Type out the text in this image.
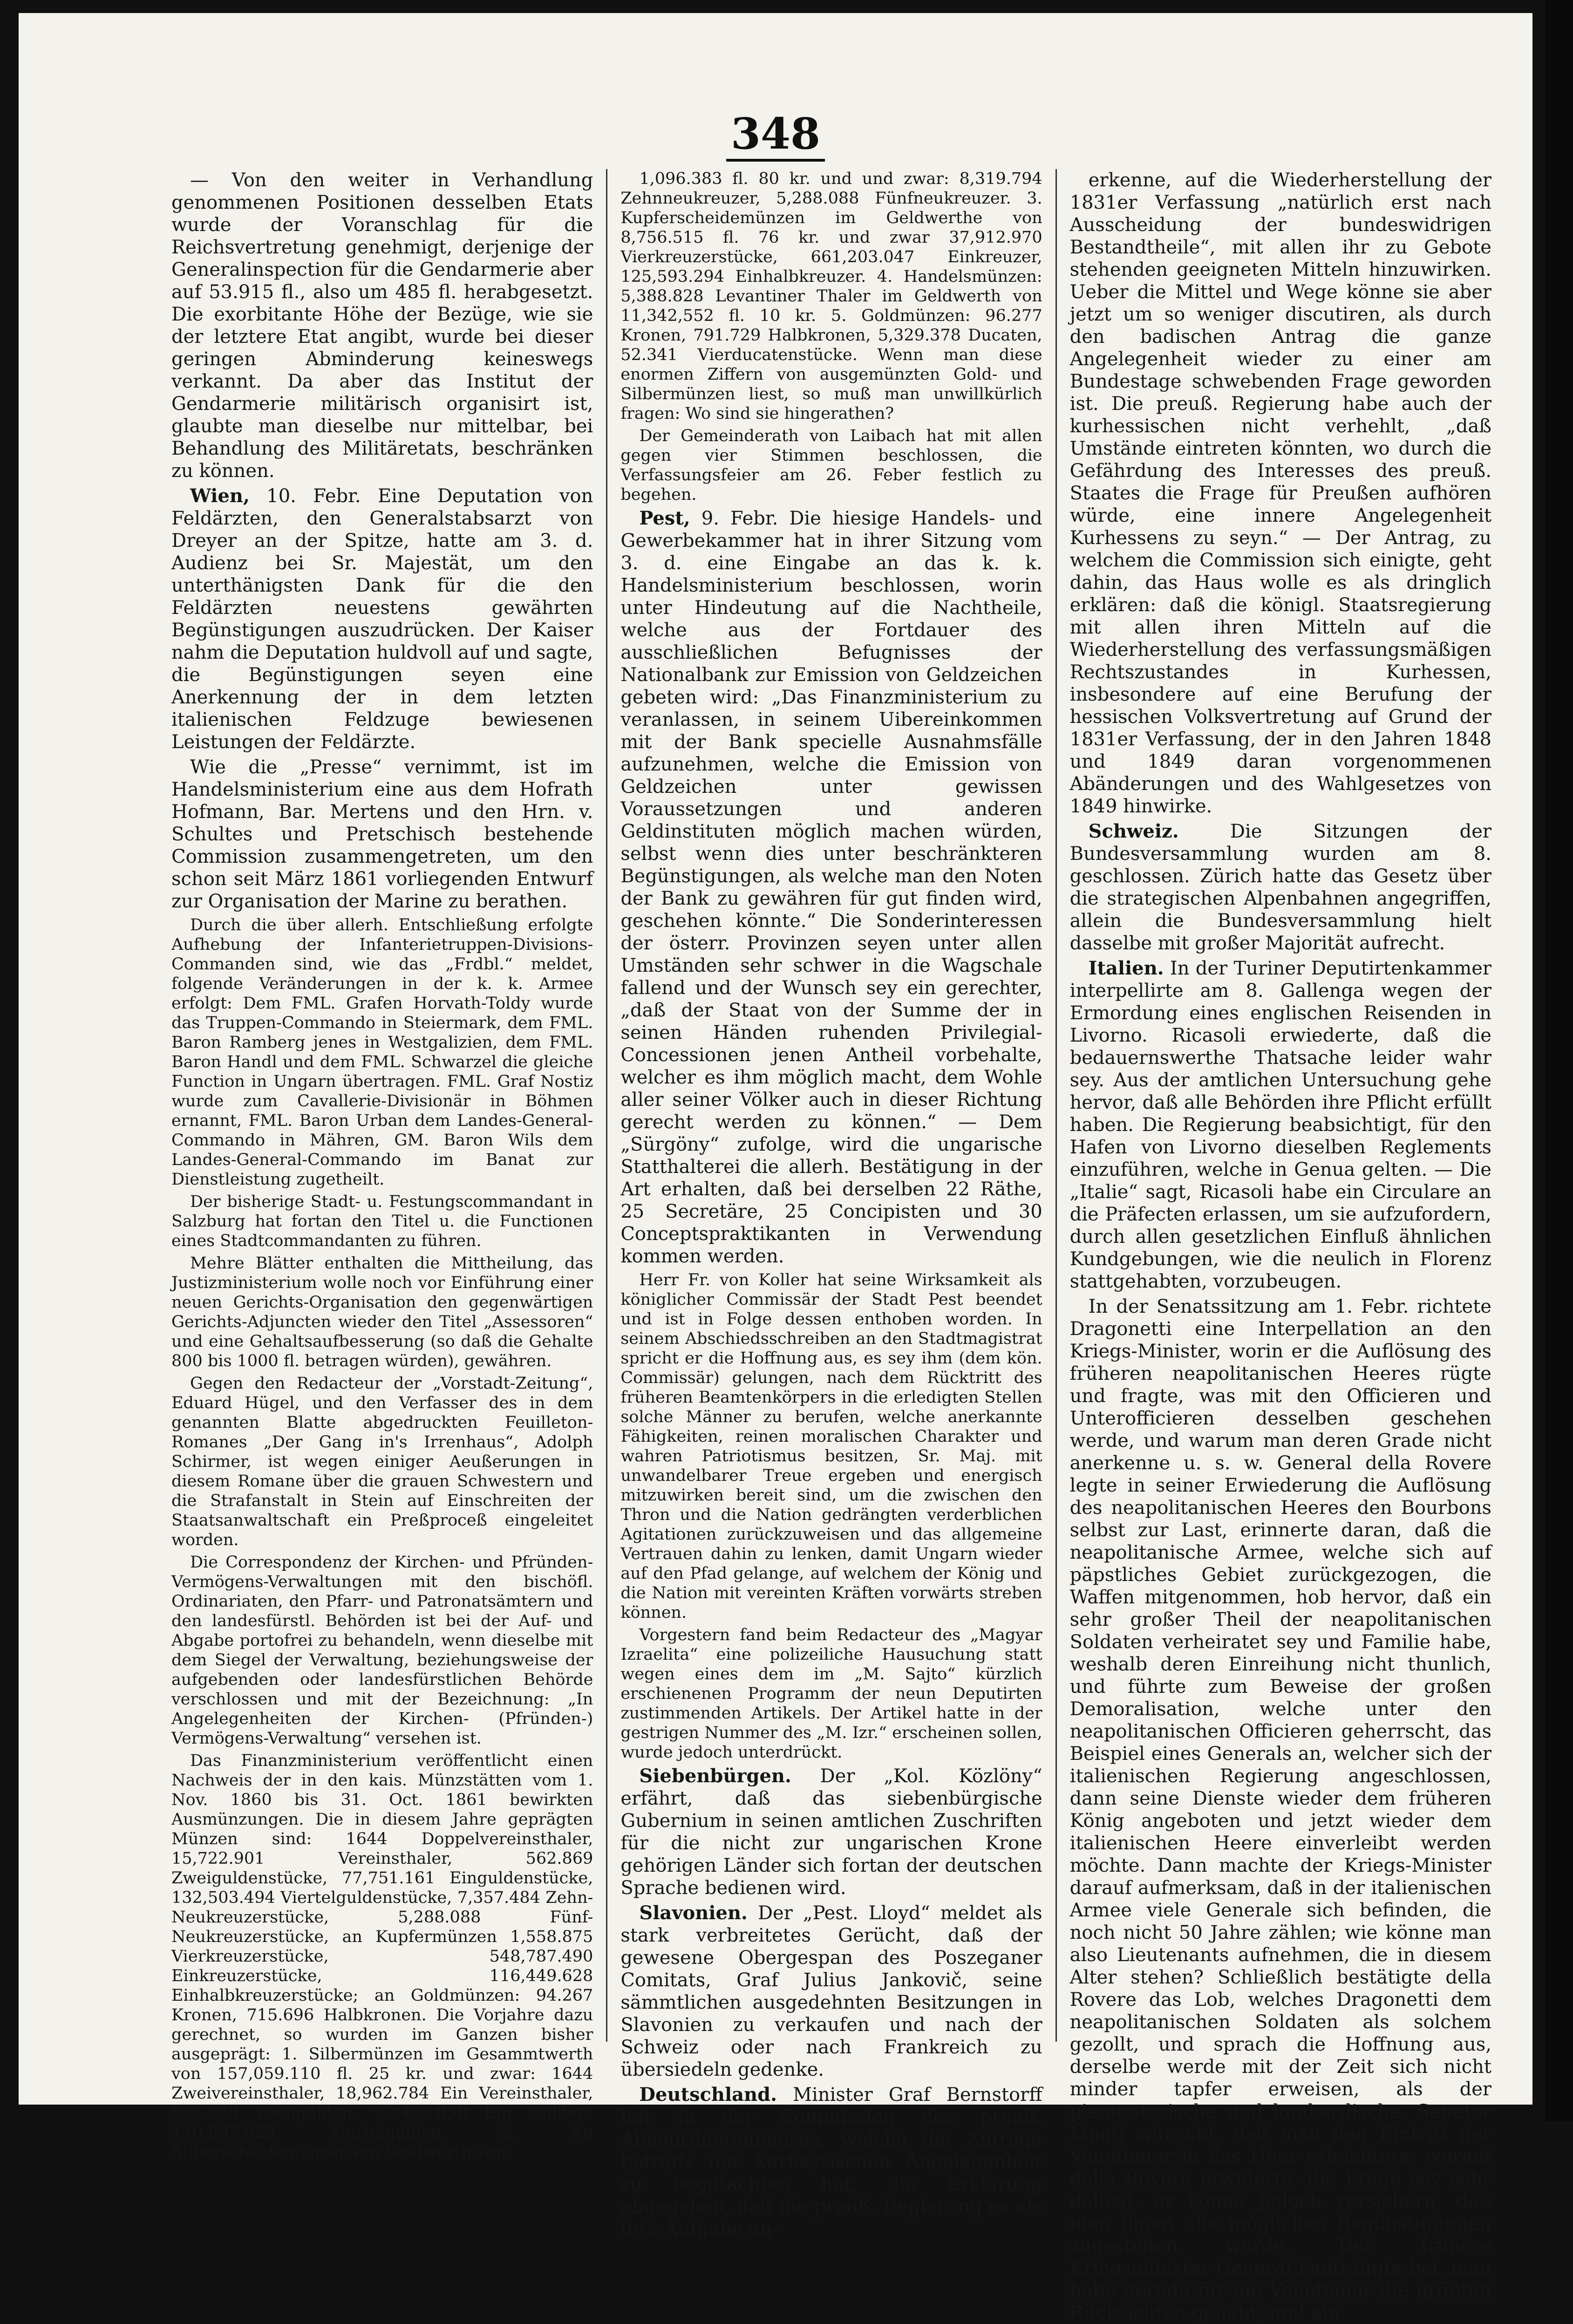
348

— Von den weiter in Verhandlung genommenen Positionen desselben Etats wurde der Voranschlag für die Reichsvertretung genehmigt, derjenige der Generalinspection für die Gendarmerie aber auf 53.915 fl., also um 485 fl. herabgesetzt. Die exorbitante Höhe der Bezüge, wie sie der letztere Etat angibt, wurde bei dieser geringen Abminderung keineswegs verkannt. Da aber das Institut der Gendarmerie militärisch organisirt ist, glaubte man dieselbe nur mittelbar, bei Behandlung des Militäretats, beschränken zu können.

Wien, 10. Febr. Eine Deputation von Feldärzten, den Generalstabsarzt von Dreyer an der Spitze, hatte am 3. d. Audienz bei Sr. Majestät, um den unterthänigsten Dank für die den Feldärzten neuestens gewährten Begünstigungen auszudrücken. Der Kaiser nahm die Deputation huldvoll auf und sagte, die Begünstigungen seyen eine Anerkennung der in dem letzten italienischen Feldzuge bewiesenen Leistungen der Feldärzte.

Wie die „Presse“ vernimmt, ist im Handelsministerium eine aus dem Hofrath Hofmann, Bar. Mertens und den Hrn. v. Schultes und Pretschisch bestehende Commission zusammengetreten, um den schon seit März 1861 vorliegenden Entwurf zur Organisation der Marine zu berathen.

Durch die über allerh. Entschließung erfolgte Aufhebung der Infanterietruppen-Divisions-Commanden sind, wie das „Frdbl.“ meldet, folgende Veränderungen in der k. k. Armee erfolgt: Dem FML. Grafen Horvath-Toldy wurde das Truppen-Commando in Steiermark, dem FML. Baron Ramberg jenes in Westgalizien, dem FML. Baron Handl und dem FML. Schwarzel die gleiche Function in Ungarn übertragen. FML. Graf Nostiz wurde zum Cavallerie-Divisionär in Böhmen ernannt, FML. Baron Urban dem Landes-General-Commando in Mähren, GM. Baron Wils dem Landes-General-Commando im Banat zur Dienstleistung zugetheilt.

Der bisherige Stadt- u. Festungscommandant in Salzburg hat fortan den Titel u. die Functionen eines Stadtcommandanten zu führen.

Mehre Blätter enthalten die Mittheilung, das Justizministerium wolle noch vor Einführung einer neuen Gerichts-Organisation den gegenwärtigen Gerichts-Adjuncten wieder den Titel „Assessoren“ und eine Gehaltsaufbesserung (so daß die Gehalte 800 bis 1000 fl. betragen würden), gewähren.

Gegen den Redacteur der „Vorstadt-Zeitung“, Eduard Hügel, und den Verfasser des in dem genannten Blatte abgedruckten Feuilleton-Romanes „Der Gang in's Irrenhaus“, Adolph Schirmer, ist wegen einiger Aeußerungen in diesem Romane über die grauen Schwestern und die Strafanstalt in Stein auf Einschreiten der Staatsanwaltschaft ein Preßproceß eingeleitet worden.

Die Correspondenz der Kirchen- und Pfründen-Vermögens-Verwaltungen mit den bischöfl. Ordinariaten, den Pfarr- und Patronatsämtern und den landesfürstl. Behörden ist bei der Auf- und Abgabe portofrei zu behandeln, wenn dieselbe mit dem Siegel der Verwaltung, beziehungsweise der aufgebenden oder landesfürstlichen Behörde verschlossen und mit der Bezeichnung: „In Angelegenheiten der Kirchen- (Pfründen-) Vermögens-Verwaltung“ versehen ist.

Das Finanzministerium veröffentlicht einen Nachweis der in den kais. Münzstätten vom 1. Nov. 1860 bis 31. Oct. 1861 bewirkten Ausmünzungen. Die in diesem Jahre geprägten Münzen sind: 1644 Doppelvereinsthaler, 15,722.901 Vereinsthaler, 562.869 Zweiguldenstücke, 77,751.161 Einguldenstücke, 132,503.494 Viertelguldenstücke, 7,357.484 Zehn-Neukreuzerstücke, 5,288.088 Fünf-Neukreuzerstücke, an Kupfermünzen 1,558.875 Vierkreuzerstücke, 548,787.490 Einkreuzerstücke, 116,449.628 Einhalbkreuzerstücke; an Goldmünzen: 94.267 Kronen, 715.696 Halbkronen. Die Vorjahre dazu gerechnet, so wurden im Ganzen bisher ausgeprägt: 1. Silbermünzen im Gesammtwerth von 157,059.110 fl. 25 kr. und zwar: 1644 Zweivereinsthaler, 18,962.784 Ein Vereinsthaler, 565.869 Zweigulden, 92,409.858 Ein Gulden, 140,897.625 Viertelgulden. 2. An Silberscheidemünzen ein Geldwerth von

1,096.383 fl. 80 kr. und und zwar: 8,319.794 Zehnneukreuzer, 5,288.088 Fünfneukreuzer. 3. Kupferscheidemünzen im Geldwerthe von 8,756.515 fl. 76 kr. und zwar 37,912.970 Vierkreuzerstücke, 661,203.047 Einkreuzer, 125,593.294 Einhalbkreuzer. 4. Handelsmünzen: 5,388.828 Levantiner Thaler im Geldwerth von 11,342,552 fl. 10 kr. 5. Goldmünzen: 96.277 Kronen, 791.729 Halbkronen, 5,329.378 Ducaten, 52.341 Vierducatenstücke. Wenn man diese enormen Ziffern von ausgemünzten Gold- und Silbermünzen liest, so muß man unwillkürlich fragen: Wo sind sie hingerathen?

Der Gemeinderath von Laibach hat mit allen gegen vier Stimmen beschlossen, die Verfassungsfeier am 26. Feber festlich zu begehen.

Pest, 9. Febr. Die hiesige Handels- und Gewerbekammer hat in ihrer Sitzung vom 3. d. eine Eingabe an das k. k. Handelsministerium beschlossen, worin unter Hindeutung auf die Nachtheile, welche aus der Fortdauer des ausschließlichen Befugnisses der Nationalbank zur Emission von Geldzeichen gebeten wird: „Das Finanzministerium zu veranlassen, in seinem Uibereinkommen mit der Bank specielle Ausnahmsfälle aufzunehmen, welche die Emission von Geldzeichen unter gewissen Voraussetzungen und anderen Geldinstituten möglich machen würden, selbst wenn dies unter beschränkteren Begünstigungen, als welche man den Noten der Bank zu gewähren für gut finden wird, geschehen könnte.“ Die Sonderinteressen der österr. Provinzen seyen unter allen Umständen sehr schwer in die Wagschale fallend und der Wunsch sey ein gerechter, „daß der Staat von der Summe der in seinen Händen ruhenden Privilegial-Concessionen jenen Antheil vorbehalte, welcher es ihm möglich macht, dem Wohle aller seiner Völker auch in dieser Richtung gerecht werden zu können.“ — Dem „Sürgöny“ zufolge, wird die ungarische Statthalterei die allerh. Bestätigung in der Art erhalten, daß bei derselben 22 Räthe, 25 Secretäre, 25 Concipisten und 30 Conceptspraktikanten in Verwendung kommen werden.

Herr Fr. von Koller hat seine Wirksamkeit als königlicher Commissär der Stadt Pest beendet und ist in Folge dessen enthoben worden. In seinem Abschiedsschreiben an den Stadtmagistrat spricht er die Hoffnung aus, es sey ihm (dem kön. Commissär) gelungen, nach dem Rücktritt des früheren Beamtenkörpers in die erledigten Stellen solche Männer zu berufen, welche anerkannte Fähigkeiten, reinen moralischen Charakter und wahren Patriotismus besitzen, Sr. Maj. mit unwandelbarer Treue ergeben und energisch mitzuwirken bereit sind, um die zwischen den Thron und die Nation gedrängten verderblichen Agitationen zurückzuweisen und das allgemeine Vertrauen dahin zu lenken, damit Ungarn wieder auf den Pfad gelange, auf welchem der König und die Nation mit vereinten Kräften vorwärts streben können.

Vorgestern fand beim Redacteur des „Magyar Izraelita“ eine polizeiliche Hausuchung statt wegen eines dem im „M. Sajto“ kürzlich erschienenen Programm der neun Deputirten zustimmenden Artikels. Der Artikel hatte in der gestrigen Nummer des „M. Izr.“ erscheinen sollen, wurde jedoch unterdrückt.

Siebenbürgen. Der „Kol. Közlöny“ erfährt, daß das siebenbürgische Gubernium in seinen amtlichen Zuschriften für die nicht zur ungarischen Krone gehörigen Länder sich fortan der deutschen Sprache bedienen wird.

Slavonien. Der „Pest. Lloyd“ meldet als stark verbreitetes Gerücht, daß der gewesene Obergespan des Poszeganer Comitats, Graf Julius Jankovič, seine sämmtlichen ausgedehnten Besitzungen in Slavonien zu verkaufen und nach der Schweiz oder nach Frankreich zu übersiedeln gedenke.

Deutschland. Minister Graf Bernstorff hat in der Commission des preuß. Abgeordnetenhauses, welche die Anträge betreffs der kurhessischen Angelegenheit zu begutachten hat, die Erklärung abgegeben, daß die preuß. Regierung es als ihre Aufgabe an-

erkenne, auf die Wiederherstellung der 1831er Verfassung „natürlich erst nach Ausscheidung der bundeswidrigen Bestandtheile“, mit allen ihr zu Gebote stehenden geeigneten Mitteln hinzuwirken. Ueber die Mittel und Wege könne sie aber jetzt um so weniger discutiren, als durch den badischen Antrag die ganze Angelegenheit wieder zu einer am Bundestage schwebenden Frage geworden ist. Die preuß. Regierung habe auch der kurhessischen nicht verhehlt, „daß Umstände eintreten könnten, wo durch die Gefährdung des Interesses des preuß. Staates die Frage für Preußen aufhören würde, eine innere Angelegenheit Kurhessens zu seyn.“ — Der Antrag, zu welchem die Commission sich einigte, geht dahin, das Haus wolle es als dringlich erklären: daß die königl. Staatsregierung mit allen ihren Mitteln auf die Wiederherstellung des verfassungsmäßigen Rechtszustandes in Kurhessen, insbesondere auf eine Berufung der hessischen Volksvertretung auf Grund der 1831er Verfassung, der in den Jahren 1848 und 1849 daran vorgenommenen Abänderungen und des Wahlgesetzes von 1849 hinwirke.

Schweiz.	Die Sitzungen der Bundesversammlung wurden am 8. geschlossen. Zürich hatte das Gesetz über die strategischen Alpenbahnen angegriffen, allein die Bundesversammlung hielt dasselbe mit großer Majorität aufrecht.

Italien. In der Turiner Deputirtenkammer interpellirte am 8. Gallenga wegen der Ermordung eines englischen Reisenden in Livorno. Ricasoli erwiederte, daß die bedauernswerthe Thatsache leider wahr sey. Aus der amtlichen Untersuchung gehe hervor, daß alle Behörden ihre Pflicht erfüllt haben. Die Regierung beabsichtigt, für den Hafen von Livorno dieselben Reglements einzuführen, welche in Genua gelten. — Die „Italie“ sagt, Ricasoli habe ein Circulare an die Präfecten erlassen, um sie aufzufordern, durch allen gesetzlichen Einfluß ähnlichen Kundgebungen, wie die neulich in Florenz stattgehabten, vorzubeugen.

In der Senatssitzung am 1. Febr. richtete Dragonetti eine Interpellation an den Kriegs-Minister, worin er die Auflösung des früheren neapolitanischen Heeres rügte und fragte, was mit den Officieren und Unterofficieren desselben geschehen werde, und warum man deren Grade nicht anerkenne u. s. w. General della Rovere legte in seiner Erwiederung die Auflösung des neapolitanischen Heeres den Bourbons selbst zur Last, erinnerte daran, daß die neapolitanische Armee, welche sich auf päpstliches Gebiet zurückgezogen, die Waffen mitgenommen, hob hervor, daß ein sehr großer Theil der neapolitanischen Soldaten verheiratet sey und Familie habe, weshalb deren Einreihung nicht thunlich, und führte zum Beweise der großen Demoralisation, welche unter den neapolitanischen Officieren geherrscht, das Beispiel eines Generals an, welcher sich der italienischen Regierung angeschlossen, dann seine Dienste wieder dem früheren König angeboten und jetzt wieder dem italienischen Heere einverleibt werden möchte. Dann machte der Kriegs-Minister darauf aufmerksam, daß in der italienischen Armee viele Generale sich befinden, die noch nicht 50 Jahre zählen; wie könne man also Lieutenants aufnehmen, die in diesem Alter stehen? Schließlich bestätigte della Rovere das Lob, welches Dragonetti dem neapolitanischen Soldaten als solchem gezollt, und sprach die Hoffnung aus, derselbe werde mit der Zeit sich nicht minder tapfer erweisen, als der piemontesische und lombardische. Senator Linati wünscht, daß man den Eintritt der Venetianer in das Heer erleichtere, worauf della Rovere erwiderte, die Frage sey sehr delicat, er könne jedoch versichern, daß man ihnen alle möglichen Begünstigungen zugestehen werde. Der frühere Kriegsminister General Fanti fügte bei, man habe gerade für die Venetianer die größten Rücksichten gehabt, und ein
